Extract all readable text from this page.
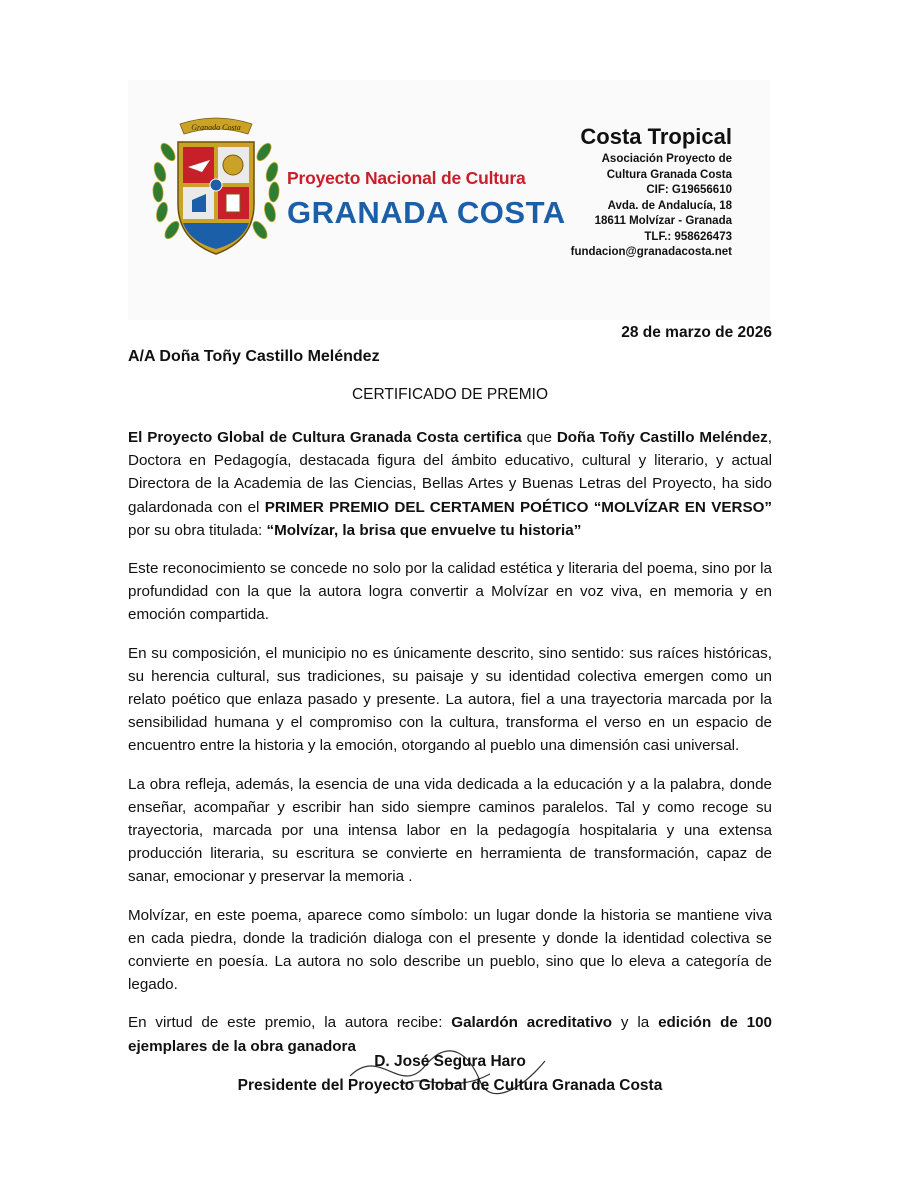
Granada Costa
Proyecto Nacional de Cultura
GRANADA COSTA
Costa Tropical
Asociación Proyecto de
Cultura Granada Costa
CIF: G19656610
Avda. de Andalucía, 18
18611 Molvízar - Granada
TLF.: 958626473
fundacion@granadacosta.net
28 de marzo de 2026
A/A Doña Toñy Castillo Meléndez
CERTIFICADO DE PREMIO

El Proyecto Global de Cultura Granada Costa certifica que Doña Toñy Castillo Meléndez, Doctora en Pedagogía, destacada figura del ámbito educativo, cultural y literario, y actual Directora de la Academia de las Ciencias, Bellas Artes y Buenas Letras del Proyecto, ha sido galardonada con el PRIMER PREMIO DEL CERTAMEN POÉTICO “MOLVÍZAR EN VERSO” por su obra titulada: “Molvízar, la brisa que envuelve tu historia”

Este reconocimiento se concede no solo por la calidad estética y literaria del poema, sino por la profundidad con la que la autora logra convertir a Molvízar en voz viva, en memoria y en emoción compartida.

En su composición, el municipio no es únicamente descrito, sino sentido: sus raíces históricas, su herencia cultural, sus tradiciones, su paisaje y su identidad colectiva emergen como un relato poético que enlaza pasado y presente. La autora, fiel a una trayectoria marcada por la sensibilidad humana y el compromiso con la cultura, transforma el verso en un espacio de encuentro entre la historia y la emoción, otorgando al pueblo una dimensión casi universal.

La obra refleja, además, la esencia de una vida dedicada a la educación y a la palabra, donde enseñar, acompañar y escribir han sido siempre caminos paralelos. Tal y como recoge su trayectoria, marcada por una intensa labor en la pedagogía hospitalaria y una extensa producción literaria, su escritura se convierte en herramienta de transformación, capaz de sanar, emocionar y preservar la memoria .

Molvízar, en este poema, aparece como símbolo: un lugar donde la historia se mantiene viva en cada piedra, donde la tradición dialoga con el presente y donde la identidad colectiva se convierte en poesía. La autora no solo describe un pueblo, sino que lo eleva a categoría de legado.

En virtud de este premio, la autora recibe: Galardón acreditativo y la edición de 100 ejemplares de la obra ganadora

D. José Segura Haro
Presidente del Proyecto Global de Cultura Granada Costa
